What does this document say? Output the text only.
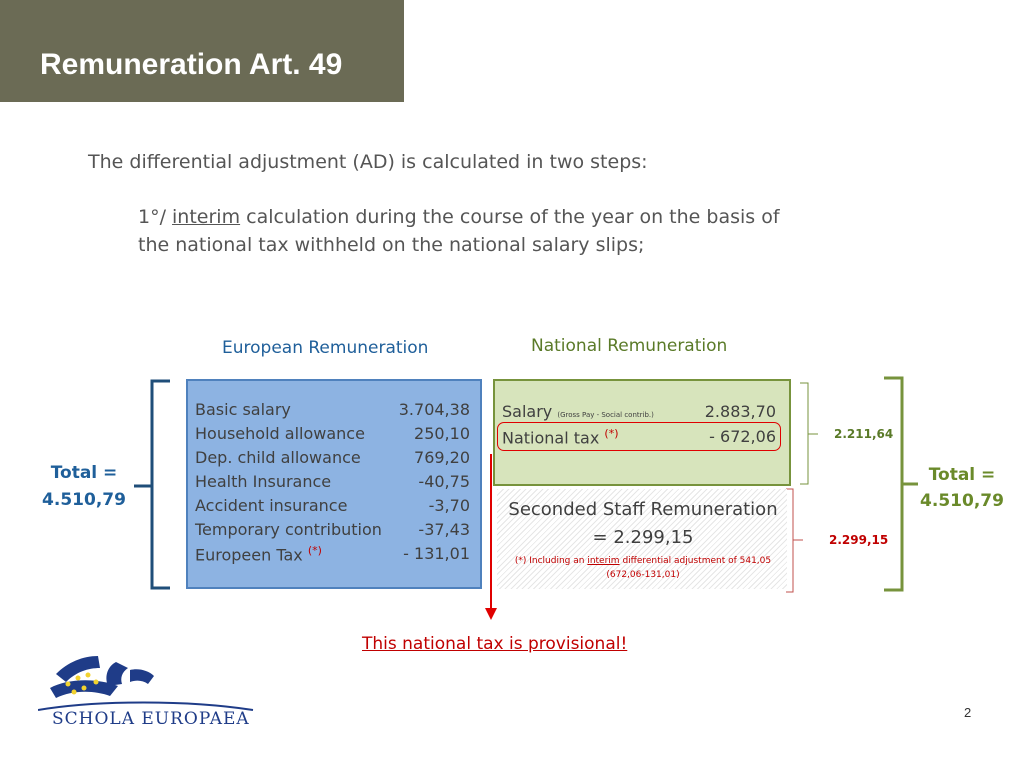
Remuneration Art. 49
The differential adjustment (AD) is calculated in two steps:
1°/ interim calculation during the course of the year on the basis of
the national tax withheld on the national salary slips;
European Remuneration	National Remuneration
Basic salary	3.704,38
Household allowance	250,10
Dep. child allowance	769,20
Health Insurance	-40,75
Accident insurance	-3,70
Temporary contribution -37,43
Europeen Tax (*)	- 131,01
Total =
4.510,79
Salary (Gross Pay - Social contrib.)	2.883,70
National tax (*)	- 672,06	2.211,64
Seconded Staff Remuneration
= 2.299,15
(*) Including an interim differential adjustment of 541,05
(672,06-131,01)
2.299,15
Total =
4.510,79
This national tax is provisional!
SCHOLA EUROPAEA	2
